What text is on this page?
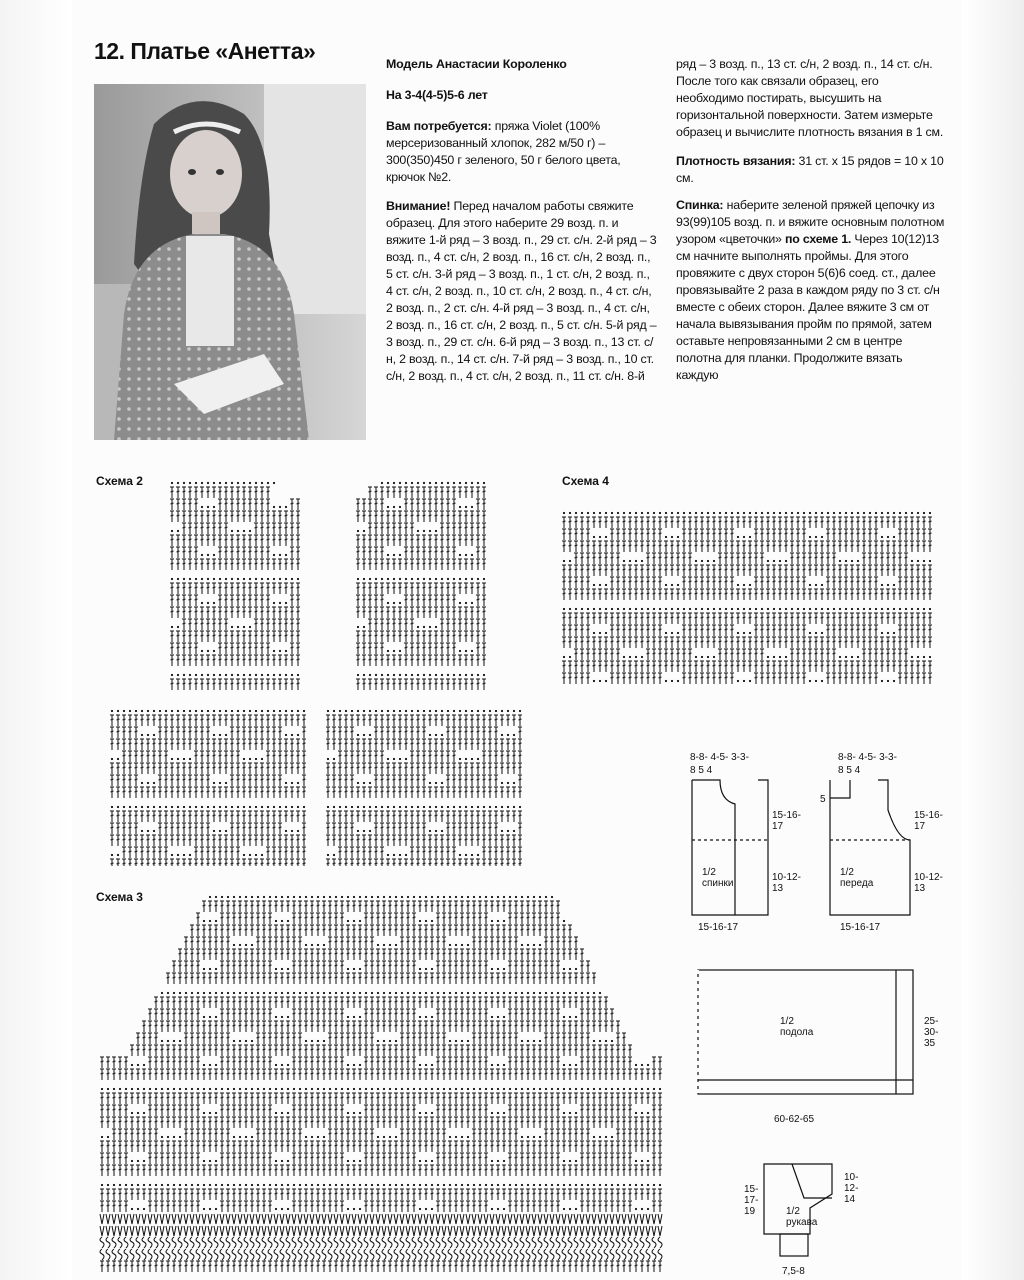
12. Платье «Анетта»	Модель Анастасии Короленко

На 3-4(4-5)5-6 лет

Вам потребуется: пряжа Violet (100% мерсеризованный хлопок, 282 м/50 г) – 300(350)450 г зеленого, 50 г белого цвета, крючок №2.

Внимание! Перед началом работы свяжите образец. Для этого наберите 29 возд. п. и вяжите 1-й ряд – 3 возд. п., 29 ст. с/н. 2-й ряд – 3 возд. п., 4 ст. с/н, 2 возд. п., 16 ст. с/н, 2 возд. п., 5 ст. с/н. 3-й ряд – 3 возд. п., 1 ст. с/н, 2 возд. п., 4 ст. с/н, 2 возд. п., 10 ст. с/н, 2 возд. п., 4 ст. с/н, 2 возд. п., 2 ст. с/н. 4-й ряд – 3 возд. п., 4 ст. с/н, 2 возд. п., 16 ст. с/н, 2 возд. п., 5 ст. с/н. 5-й ряд – 3 возд. п., 29 ст. с/н. 6-й ряд – 3 возд. п., 13 ст. с/н, 2 возд. п., 14 ст. с/н. 7-й ряд – 3 возд. п., 10 ст. с/н, 2 возд. п., 4 ст. с/н, 2 возд. п., 11 ст. с/н. 8-й

ряд – 3 возд. п., 13 ст. с/н, 2 возд. п., 14 ст. с/н. После того как связали образец, его необходимо постирать, высушить на горизонтальной поверхности. Затем измерьте образец и вычислите плотность вязания в 1 см.

Плотность вязания: 31 ст. х 15 рядов = 10 х 10 см.

Спинка: наберите зеленой пряжей цепочку из 93(99)105 возд. п. и вяжите основным полотном узором «цветочки» по схеме 1. Через 10(12)13 см начните выполнять проймы. Для этого провяжите с двух сторон 5(6)6 соед. ст., далее провязывайте 2 раза в каждом ряду по 3 ст. с/н вместе с обеих сторон. Далее вяжите 3 см от начала вывязывания пройм по прямой, затем оставьте непровязанными 2 см в центре полотна для планки. Продолжите вязать каждую

Схема 2
Схема 3
Схема 4
8-8- 4-5- 3-3-
8 5 4
8-8- 4-5- 3-3-
8 5 4
15-16-17
10-12-13
15-16-17
10-12-13
15-16-17	15-16-17
1/2 спинки
1/2 переда
5
1/2 подола
60-62-65
25-30-35
15-17-19
10-12-14
1/2 рукава
7,5-8
